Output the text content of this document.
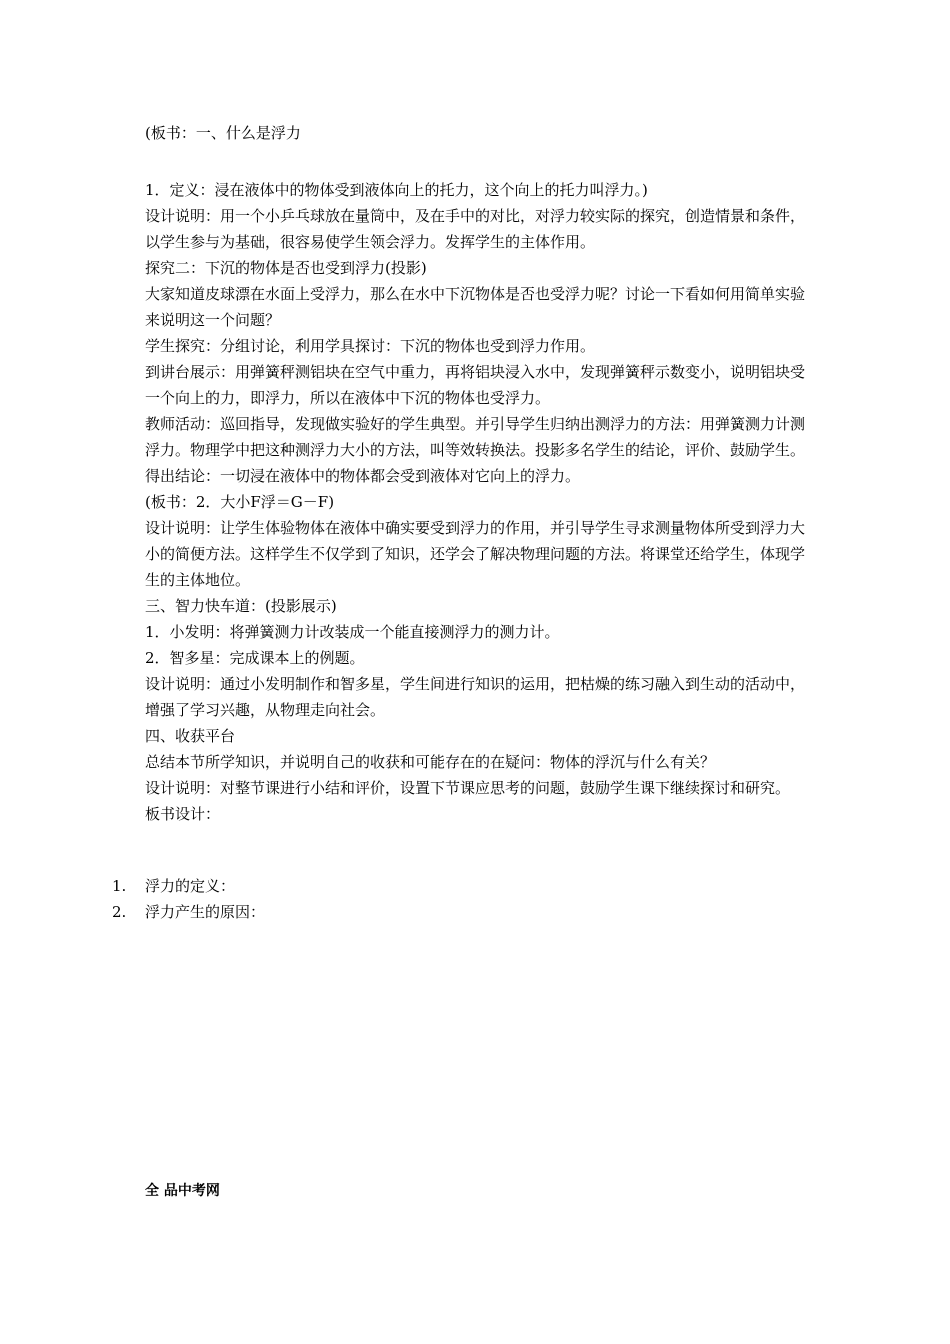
(板书：一、什么是浮力

1．定义：浸在液体中的物体受到液体向上的托力，这个向上的托力叫浮力。)

设计说明：用一个小乒乓球放在量筒中，及在手中的对比，对浮力较实际的探究，创造情景和条件，以学生参与为基础，很容易使学生领会浮力。发挥学生的主体作用。

探究二：下沉的物体是否也受到浮力(投影)

大家知道皮球漂在水面上受浮力，那么在水中下沉物体是否也受浮力呢？讨论一下看如何用简单实验来说明这一个问题？

学生探究：分组讨论，利用学具探讨：下沉的物体也受到浮力作用。

到讲台展示：用弹簧秤测铝块在空气中重力，再将铝块浸入水中，发现弹簧秤示数变小，说明铝块受一个向上的力，即浮力，所以在液体中下沉的物体也受浮力。

教师活动：巡回指导，发现做实验好的学生典型。并引导学生归纳出测浮力的方法：用弹簧测力计测浮力。物理学中把这种测浮力大小的方法，叫等效转换法。投影多名学生的结论，评价、鼓励学生。

得出结论：一切浸在液体中的物体都会受到液体对它向上的浮力。

(板书：2．大小F浮＝G－F)

设计说明：让学生体验物体在液体中确实要受到浮力的作用，并引导学生寻求测量物体所受到浮力大小的简便方法。这样学生不仅学到了知识，还学会了解决物理问题的方法。将课堂还给学生，体现学生的主体地位。

三、智力快车道：(投影展示)

1．小发明：将弹簧测力计改装成一个能直接测浮力的测力计。

2．智多星：完成课本上的例题。

设计说明：通过小发明制作和智多星，学生间进行知识的运用，把枯燥的练习融入到生动的活动中，增强了学习兴趣，从物理走向社会。

四、收获平台

总结本节所学知识，并说明自己的收获和可能存在的在疑问：物体的浮沉与什么有关？

设计说明：对整节课进行小结和评价，设置下节课应思考的问题，鼓励学生课下继续探讨和研究。

板书设计：

1. 浮力的定义：
2. 浮力产生的原因：
全 品中考网
